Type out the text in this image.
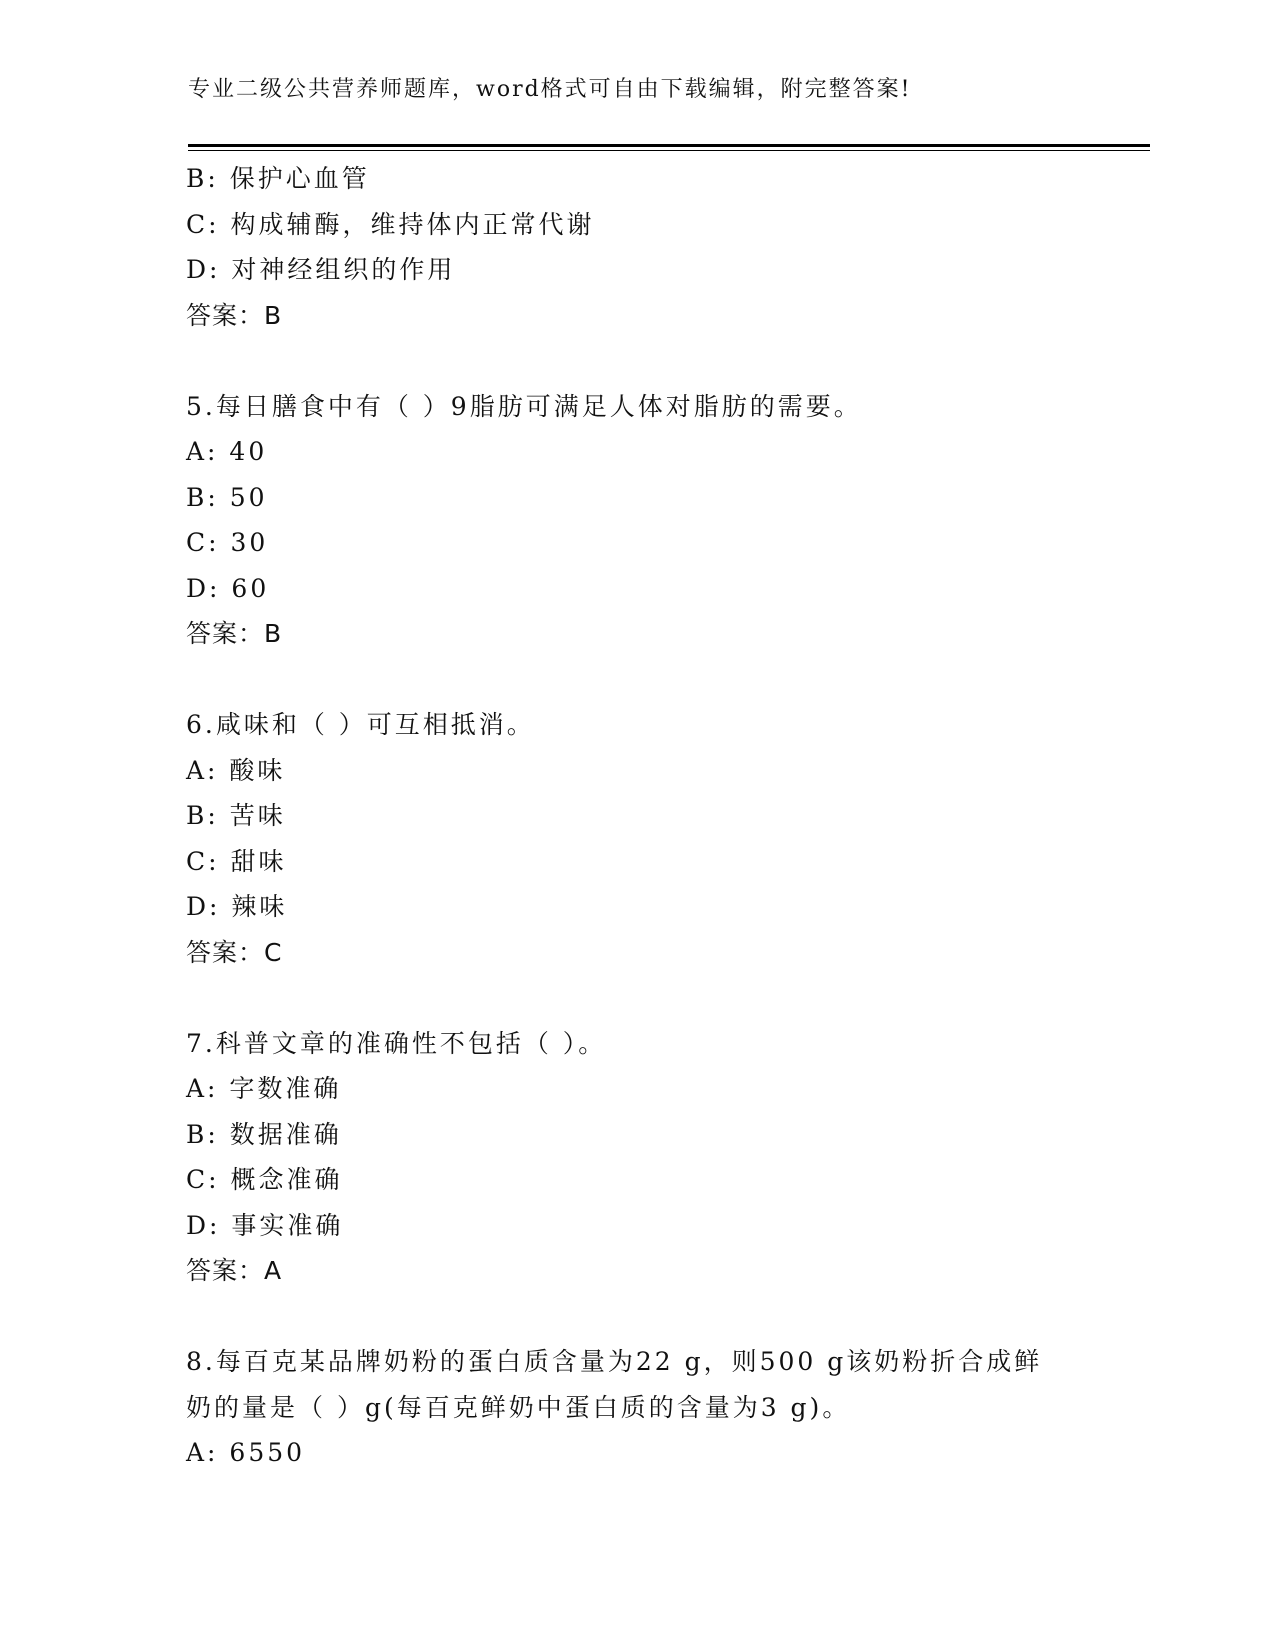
专业二级公共营养师题库，word格式可自由下载编辑，附完整答案!
B: 保护心血管
C: 构成辅酶，维持体内正常代谢
D: 对神经组织的作用
答案：B
5.每日膳食中有（ ）9脂肪可满足人体对脂肪的需要。
A: 40
B: 50
C: 30
D: 60
答案：B
6.咸味和（ ）可互相抵消。
A: 酸味
B: 苦味
C: 甜味
D: 辣味
答案：C
7.科普文章的准确性不包括（ ）。
A: 字数准确
B: 数据准确
C: 概念准确
D: 事实准确
答案：A
8.每百克某品牌奶粉的蛋白质含量为22 g，则500 g该奶粉折合成鲜
奶的量是（ ）g(每百克鲜奶中蛋白质的含量为3 g)。
A: 6550
